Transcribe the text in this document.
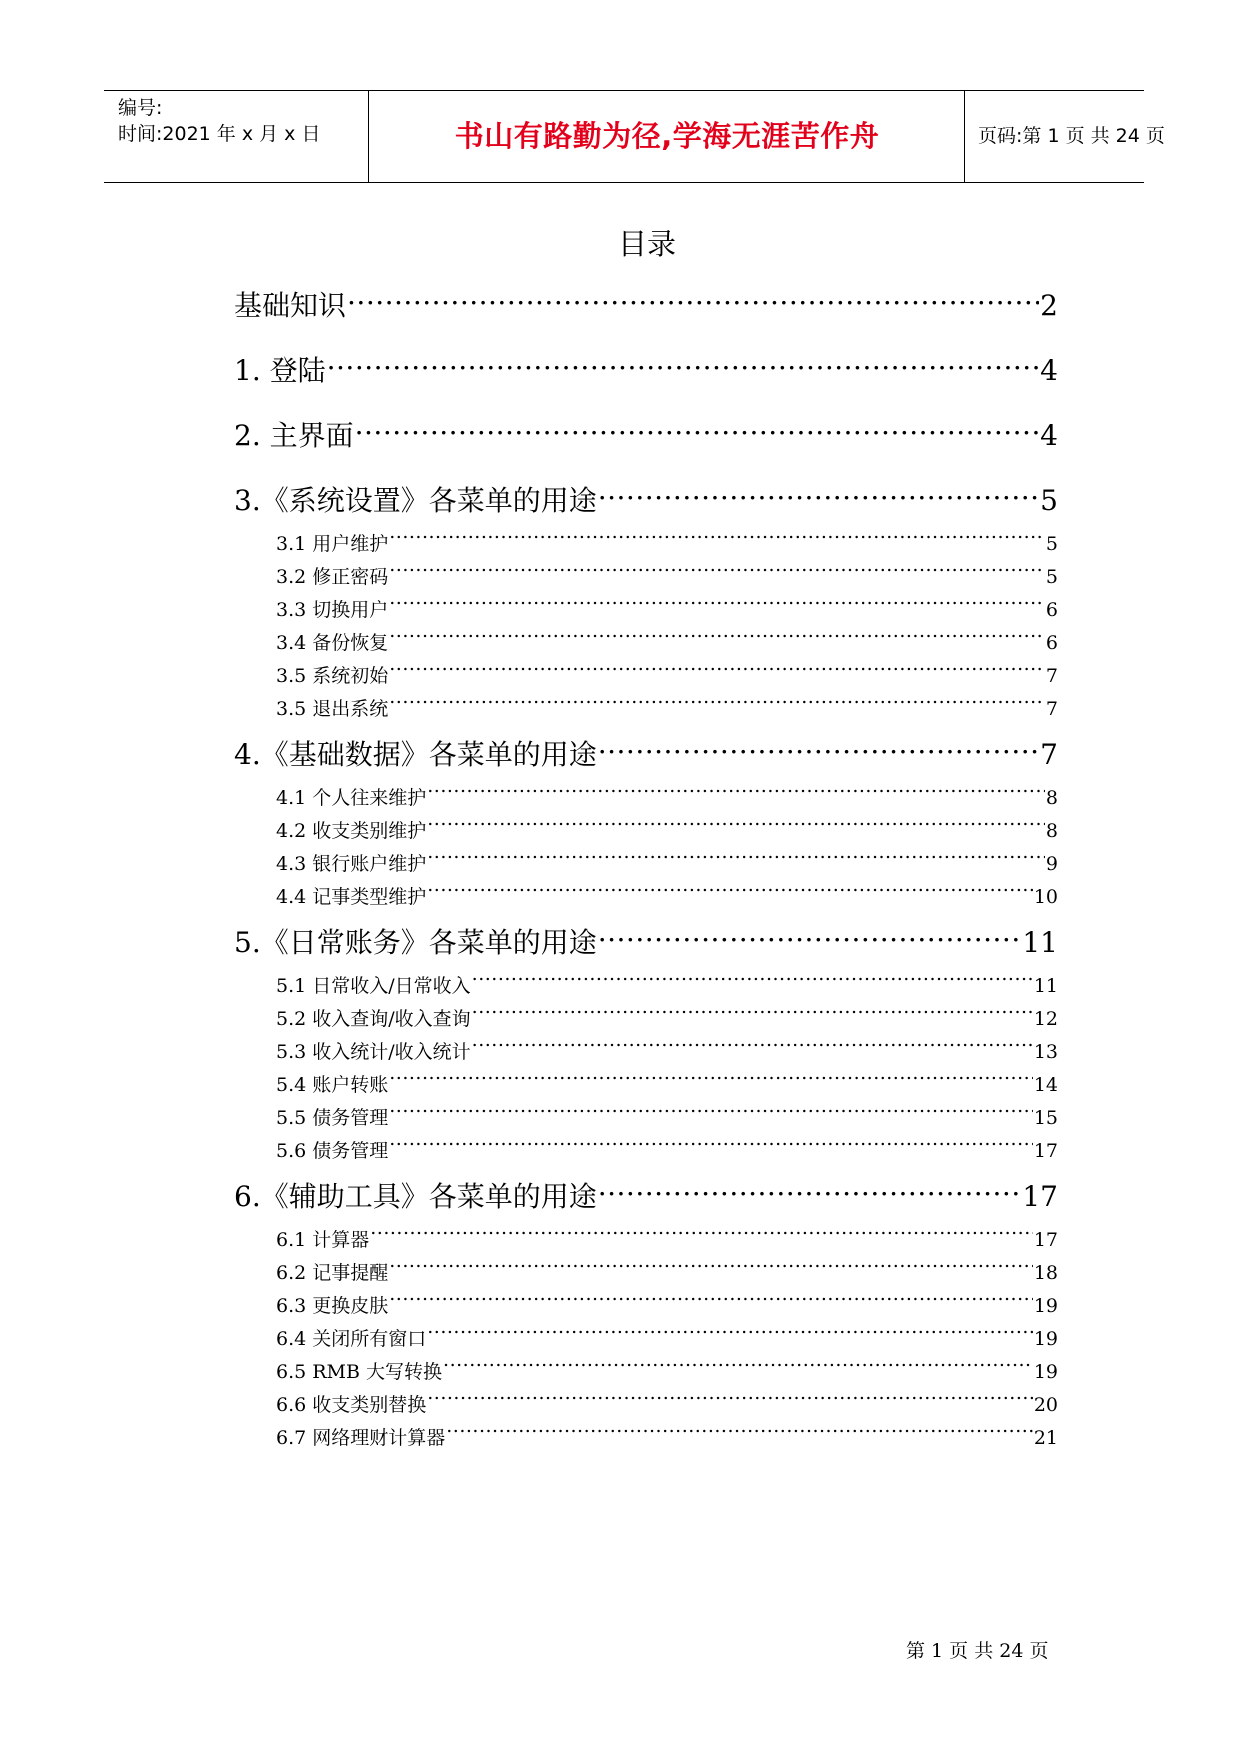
编号:
时间:2021 年 x 月 x 日	书山有路勤为径,学海无涯苦作舟	页码:第 1 页 共 24 页
目录
基础知识 .....	2
1. 登陆 .....	4
2. 主界面 .....	4
3.《系统设置》各菜单的用途 .....	5
3.1 用户维护 .....	5
3.2 修正密码 .....	5
3.3 切换用户 .....	6
3.4 备份恢复 .....	6
3.5 系统初始 .....	7
3.5 退出系统 .....	7
4.《基础数据》各菜单的用途 .....	7
4.1 个人往来维护 .....	8
4.2 收支类别维护 .....	8
4.3 银行账户维护 .....	9
4.4 记事类型维护 .....	10
5.《日常账务》各菜单的用途 .....	11
5.1 日常收入/日常收入 .....	11
5.2 收入查询/收入查询 .....	12
5.3 收入统计/收入统计 .....	13
5.4 账户转账 .....	14
5.5 债务管理 .....	15
5.6 债务管理 .....	17
6.《辅助工具》各菜单的用途 .....	17
6.1 计算器 .....	17
6.2 记事提醒 .....	18
6.3 更换皮肤 .....	19
6.4 关闭所有窗口 .....	19
6.5 RMB 大写转换 .....	19
6.6 收支类别替换 .....	20
6.7 网络理财计算器 .....	21
第 1 页 共 24 页
